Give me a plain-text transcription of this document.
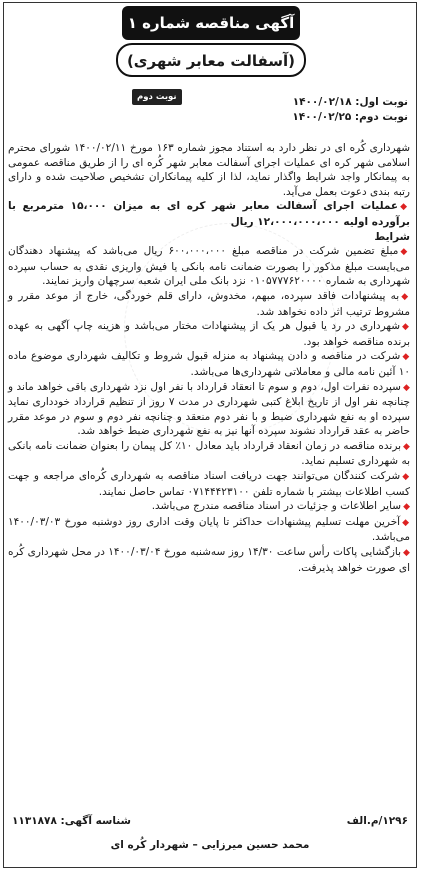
آگهی مناقصه شماره ۱
(آسفالت معابر شهری)
نوبت دوم	نوبت اول: ۱۴۰۰/۰۲/۱۸
نوبت دوم: ۱۴۰۰/۰۲/۲۵

شهرداری کُره ای در نظر دارد به استناد مجوز شماره ۱۶۳ مورخ ۱۴۰۰/۰۲/۱۱ شورای محترم اسلامی شهر کره ای عملیات اجرای آسفالت معابر شهر کُره ای را از طریق مناقصه عمومی به پیمانکار واجد شرایط واگذار نماید، لذا از کلیه پیمانکاران تشخیص صلاحیت شده و دارای رتبه بندی دعوت بعمل می‌آید.

◆عملیات اجرای آسفالت معابر شهر کره ای به میزان ۱۵،۰۰۰ مترمربع با برآورده اولیه ۱۲،۰۰۰،۰۰۰،۰۰۰ ریال

شرایط

◆مبلغ تضمین شرکت در مناقصه مبلغ ۶۰۰،۰۰۰،۰۰۰ ریال می‌باشد که پیشنهاد دهندگان می‌بایست مبلغ مذکور را بصورت ضمانت نامه بانکی یا فیش واریزی نقدی به حساب سپرده شهرداری به شماره ۰۱۰۵۷۷۷۶۲۰۰۰۰ نزد بانک ملی ایران شعبه سرچهان واریز نمایند.

◆به پیشنهادات فاقد سپرده، مبهم، مخدوش، دارای قلم خوردگی، خارج از موعد مقرر و مشروط ترتیب اثر داده نخواهد شد.

◆شهرداری در رد یا قبول هر یک از پیشنهادات مختار می‌باشد و هزینه چاپ آگهی به عهده برنده مناقصه خواهد بود.

◆شرکت در مناقصه و دادن پیشنهاد به منزله قبول شروط و تکالیف شهرداری موضوع ماده ۱۰ آئین نامه مالی و معاملاتی شهرداری‌ها می‌باشد.

◆سپرده نفرات اول، دوم و سوم تا انعقاد قرارداد با نفر اول نزد شهرداری باقی خواهد ماند و چنانچه نفر اول از تاریخ ابلاغ کتبی شهرداری در مدت ۷ روز از تنظیم قرارداد خودداری نماید سپرده او به نفع شهرداری ضبط و با نفر دوم منعقد و چنانچه نفر دوم و سوم در موعد مقرر حاضر به عقد قرارداد نشوند سپرده آنها نیز به نفع شهرداری ضبط خواهد شد.

◆برنده مناقصه در زمان انعقاد قرارداد باید معادل ۱۰٪ کل پیمان را بعنوان ضمانت نامه بانکی به شهرداری تسلیم نماید.

◆شرکت کنندگان می‌توانند جهت دریافت اسناد مناقصه به شهرداری کُره‌ای مراجعه و جهت کسب اطلاعات بیشتر با شماره تلفن ۰۷۱۴۴۴۲۳۱۰۰ تماس حاصل نمایند.

◆سایر اطلاعات و جزئیات در اسناد مناقصه مندرج می‌باشد.

◆آخرین مهلت تسلیم پیشنهادات حداکثر تا پایان وقت اداری روز دوشنبه مورخ ۱۴۰۰/۰۳/۰۳ می‌باشد.

◆بازگشایی پاکات رأس ساعت ۱۴/۳۰ روز سه‌شنبه مورخ ۱۴۰۰/۰۳/۰۴ در محل شهرداری کُره ای صورت خواهد پذیرفت.

۱۲۹۶/م.الف
شناسه آگهی: ۱۱۳۱۸۷۸
محمد حسین میرزایی – شهردار کُره ای
